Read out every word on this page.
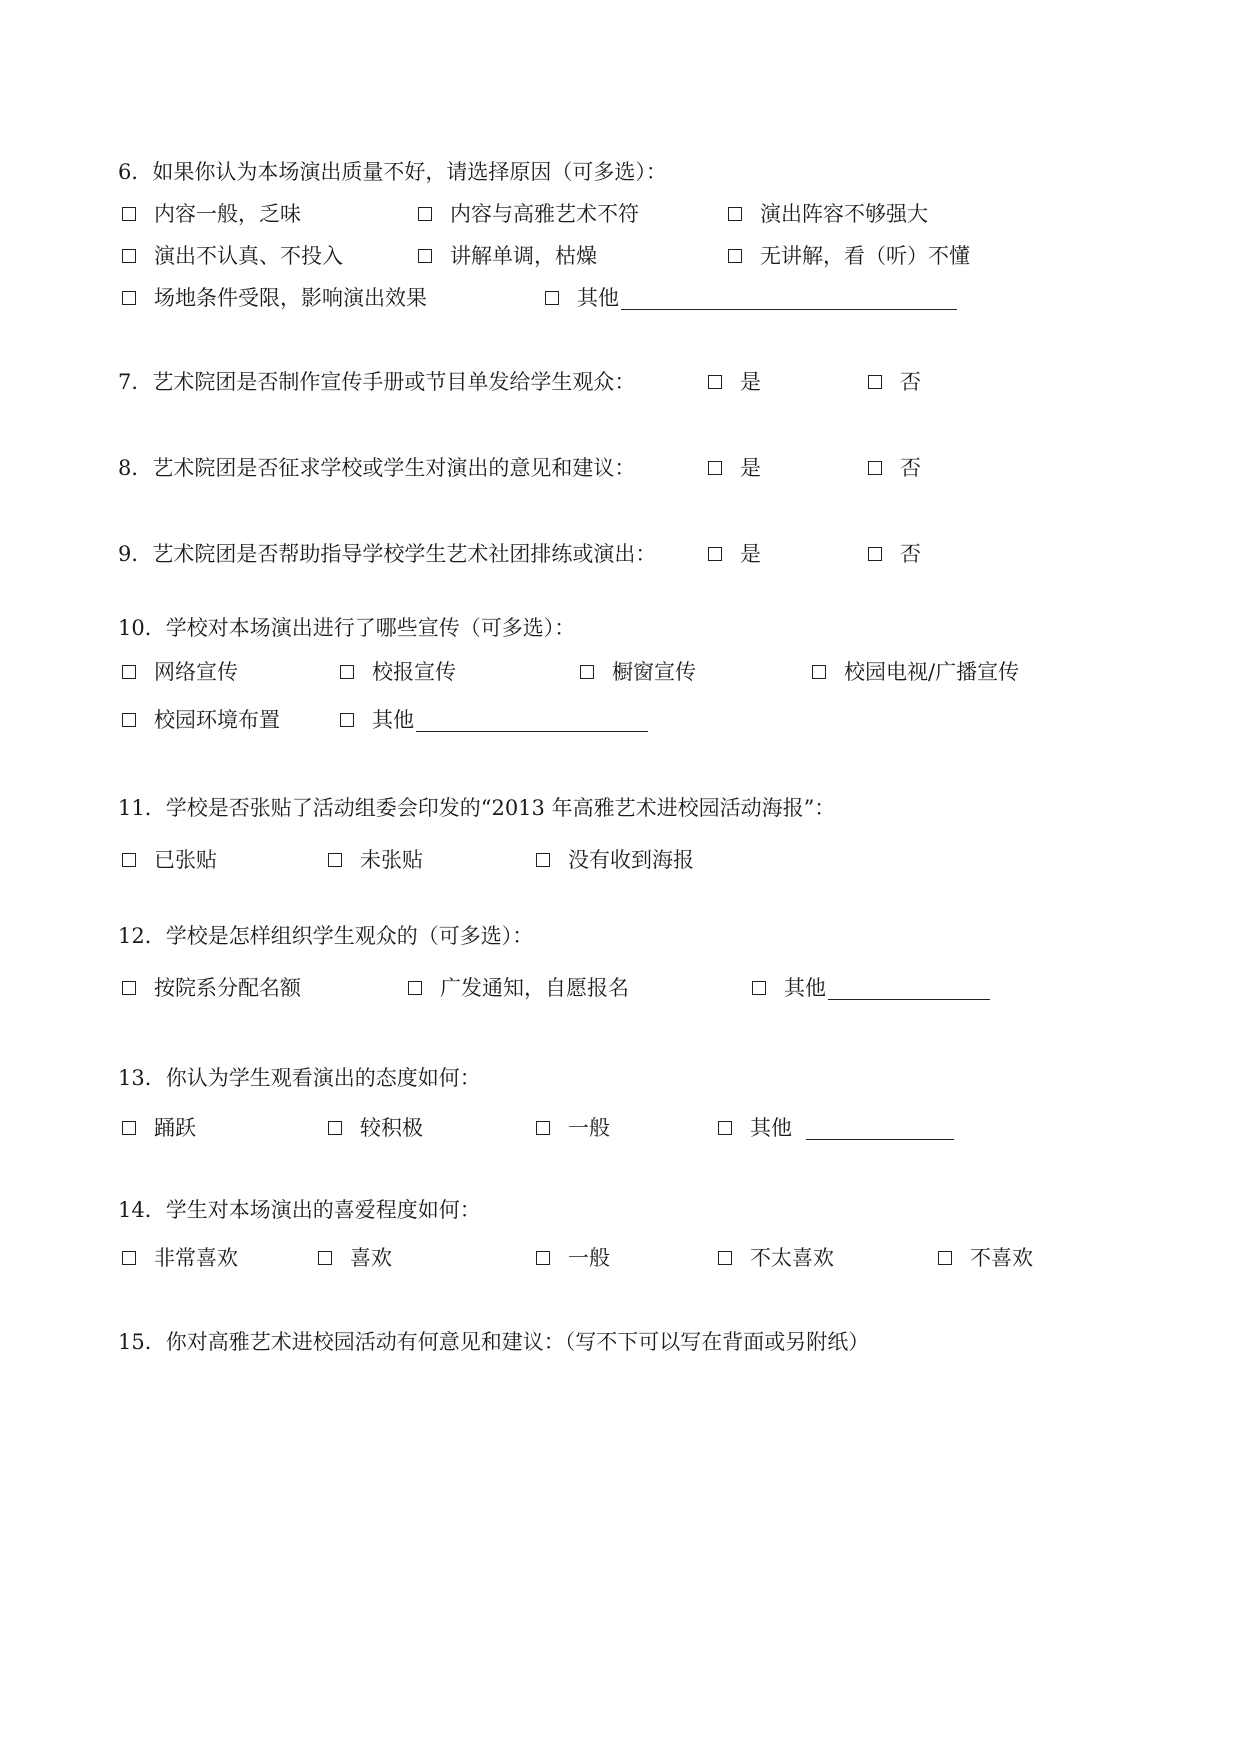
6．如果你认为本场演出质量不好，请选择原因（可多选）：
内容一般，乏味	内容与高雅艺术不符	演出阵容不够强大
演出不认真、不投入	讲解单调，枯燥	无讲解，看（听）不懂
场地条件受限，影响演出效果	其他
7．艺术院团是否制作宣传手册或节目单发给学生观众：	是	否
8．艺术院团是否征求学校或学生对演出的意见和建议：	是	否
9．艺术院团是否帮助指导学校学生艺术社团排练或演出：	是	否
10．学校对本场演出进行了哪些宣传（可多选）：
网络宣传	校报宣传	橱窗宣传	校园电视/广播宣传
校园环境布置	其他
11．学校是否张贴了活动组委会印发的“2013 年高雅艺术进校园活动海报”：
已张贴	未张贴	没有收到海报
12．学校是怎样组织学生观众的（可多选）：
按院系分配名额	广发通知，自愿报名	其他
13．你认为学生观看演出的态度如何：
踊跃	较积极	一般	其他
14．学生对本场演出的喜爱程度如何：
非常喜欢	喜欢	一般	不太喜欢	不喜欢
15．你对高雅艺术进校园活动有何意见和建议：（写不下可以写在背面或另附纸）
